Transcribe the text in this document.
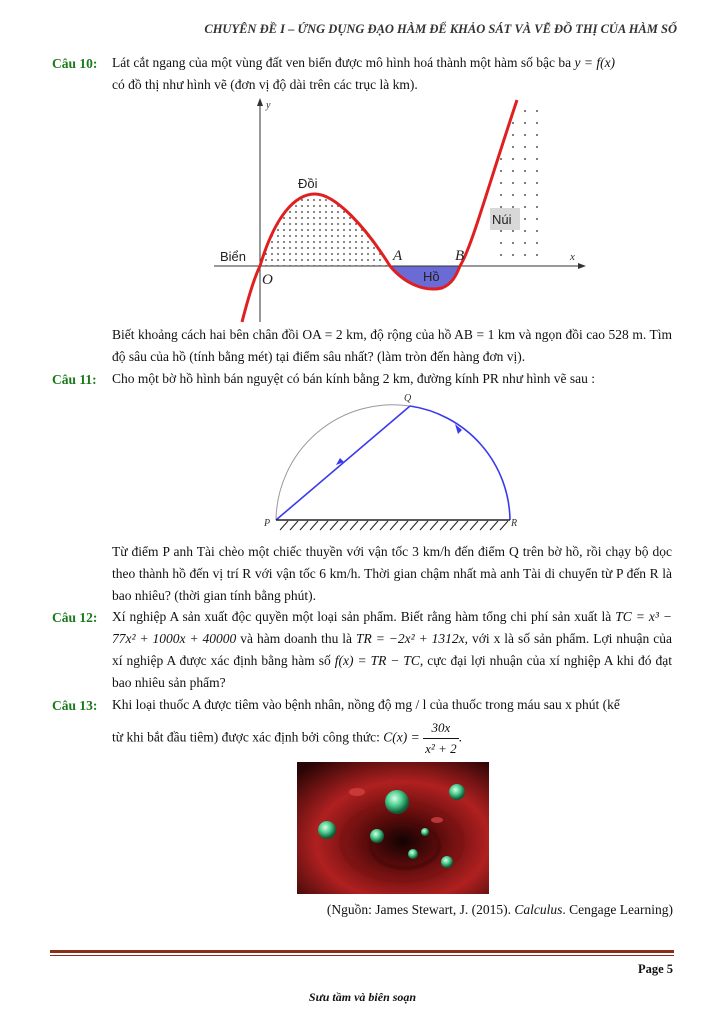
CHUYÊN ĐỀ I – ỨNG DỤNG ĐẠO HÀM ĐỂ KHẢO SÁT VÀ VẼ ĐỒ THỊ CỦA HÀM SỐ
Câu 10: Lát cắt ngang của một vùng đất ven biển được mô hình hoá thành một hàm số bậc ba y = f(x)
có đồ thị như hình vẽ (đơn vị độ dài trên các trục là km).
y
x
Đồi
Biển
Núi
Hồ
O
A	B
Biết khoảng cách hai bên chân đồi OA = 2 km, độ rộng của hồ AB = 1 km và ngọn đồi cao 528 m. Tìm độ sâu của hồ (tính bằng mét) tại điểm sâu nhất? (làm tròn đến hàng đơn vị).
Câu 11: Cho một bờ hồ hình bán nguyệt có bán kính bằng 2 km, đường kính PR như hình vẽ sau :
P
Q
R
Từ điểm P anh Tài chèo một chiếc thuyền với vận tốc 3 km/h đến điểm Q trên bờ hồ, rồi chạy bộ dọc theo thành hồ đến vị trí R với vận tốc 6 km/h. Thời gian chậm nhất mà anh Tài di chuyển từ P đến R là bao nhiêu? (thời gian tính bằng phút).
Câu 12: Xí nghiệp A sản xuất độc quyền một loại sản phẩm. Biết rằng hàm tổng chi phí sản xuất là TC = x³ − 77x² + 1000x + 40000 và hàm doanh thu là TR = −2x² + 1312x, với x là số sản phẩm. Lợi nhuận của xí nghiệp A được xác định bằng hàm số f(x) = TR − TC, cực đại lợi nhuận của xí nghiệp A khi đó đạt bao nhiêu sản phẩm?
Câu 13: Khi loại thuốc A được tiêm vào bệnh nhân, nồng độ mg / l của thuốc trong máu sau x phút (kể
từ khi bắt đầu tiêm) được xác định bởi công thức: $C(x) = \frac{30x}{\text{x² + 2}}$ .
(Nguồn: James Stewart, J. (2015). Calculus. Cengage Learning)
Page 5
Sưu tầm và biên soạn
